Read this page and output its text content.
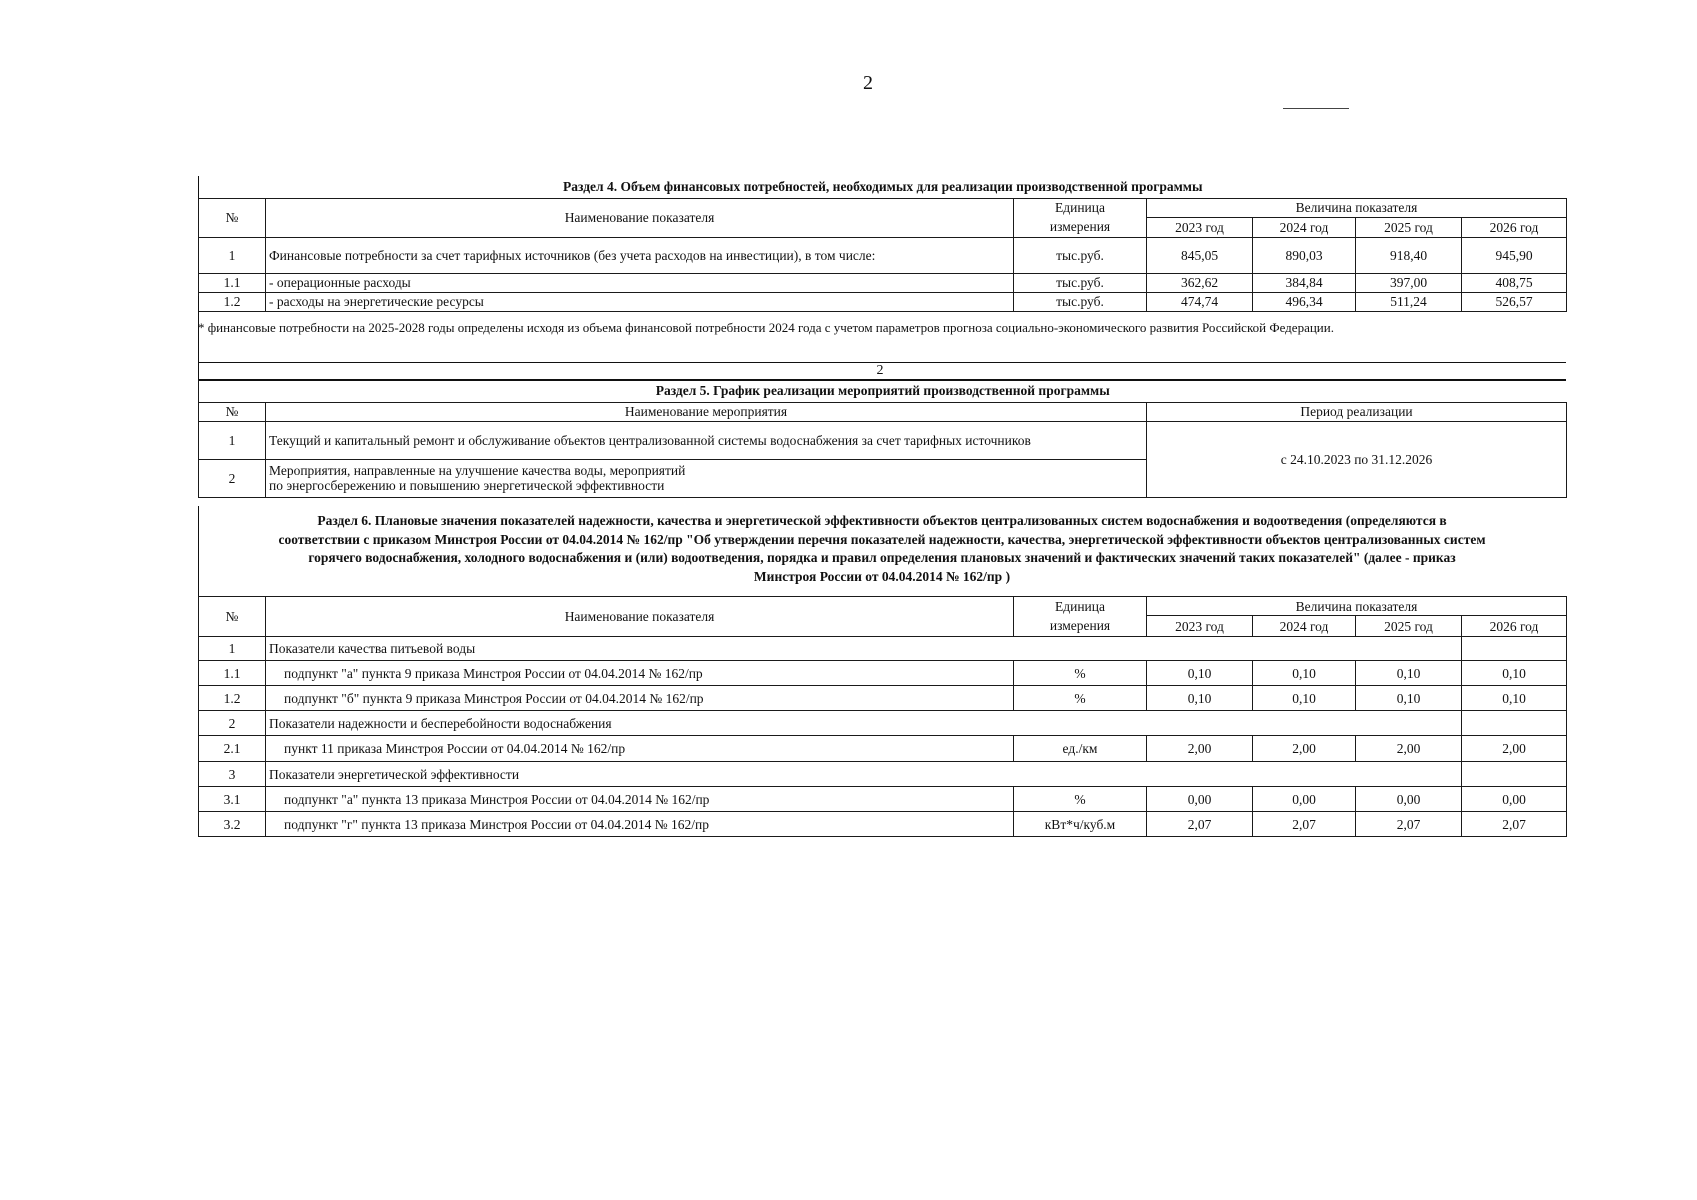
2
Раздел 4. Объем финансовых потребностей, необходимых для реализации производственной программы						
№	Наименование показателя	Единица	Величина показателя			
		измерения	2023 год	2024 год	2025 год	2026 год
1	Финансовые потребности за счет тарифных источников (без учета расходов на инвестиции), в том числе:	тыс.руб.	845,05	890,03	918,40	945,90
1.1	- операционные расходы	тыс.руб.	362,62	384,84	397,00	408,75
1.2	- расходы на энергетические ресурсы	тыс.руб.	474,74	496,34	511,24	526,57
* финансовые потребности на 2025-2028 годы определены исходя из объема финансовой потребности 2024 года с учетом параметров прогноза социально-экономического развития Российской Федерации.
2
Раздел 5. График реализации мероприятий производственной программы		
№	Наименование мероприятия	Период реализации
1	Текущий и капитальный ремонт и обслуживание объектов централизованной системы водоснабжения за счет тарифных источников	с 24.10.2023 по 31.12.2026
2	Мероприятия, направленные на улучшение качества воды, мероприятий
по энергосбережению и повышению энергетической эффективности	
Раздел 6. Плановые значения показателей надежности, качества и энергетической эффективности объектов централизованных систем водоснабжения и водоотведения (определяются в
соответствии с приказом Минстроя России от 04.04.2014 № 162/пр "Об утверждении перечня показателей надежности, качества, энергетической эффективности объектов централизованных систем
горячего водоснабжения, холодного водоснабжения и (или) водоотведения, порядка и правил определения плановых значений и фактических значений таких показателей" (далее - приказ
Минстроя России от 04.04.2014 № 162/пр )
№	Наименование показателя	Единица	Величина показателя			
		измерения	2023 год	2024 год	2025 год	2026 год
1	Показатели качества питьевой воды					
1.1	подпункт "а" пункта 9 приказа Минстроя России от 04.04.2014 № 162/пр	%	0,10	0,10	0,10	0,10
1.2	подпункт "б" пункта 9 приказа Минстроя России от 04.04.2014 № 162/пр	%	0,10	0,10	0,10	0,10
2	Показатели надежности и бесперебойности водоснабжения					
2.1	пункт 11 приказа Минстроя России от 04.04.2014 № 162/пр	ед./км	2,00	2,00	2,00	2,00
3	Показатели энергетической эффективности					
3.1	подпункт "а" пункта 13 приказа Минстроя России от 04.04.2014 № 162/пр	%	0,00	0,00	0,00	0,00
3.2	подпункт "г" пункта 13 приказа Минстроя России от 04.04.2014 № 162/пр	кВт*ч/куб.м	2,07	2,07	2,07	2,07
